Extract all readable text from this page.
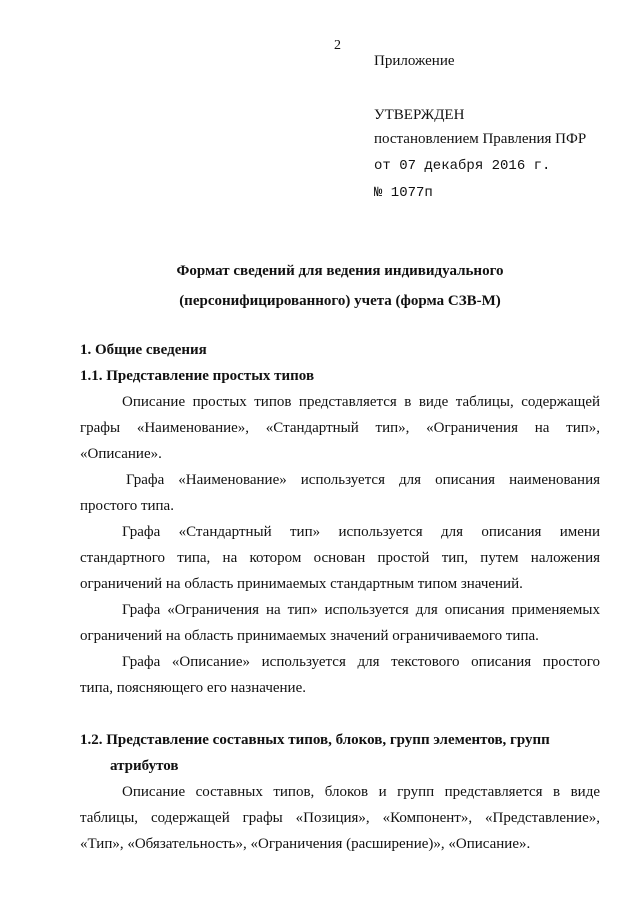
2
Приложение
УТВЕРЖДЕН
постановлением Правления ПФР
от 07 декабря 2016 г.
№ 1077п
Формат сведений для ведения индивидуального
(персонифицированного) учета (форма СЗВ-М)
1. Общие сведения
1.1. Представление простых типов
Описание простых типов представляется в виде таблицы, содержащей
графы «Наименование», «Стандартный тип», «Ограничения на тип»,
«Описание».
Графа «Наименование» используется для описания наименования
простого типа.
Графа «Стандартный тип» используется для описания имени
стандартного типа, на котором основан простой тип, путем наложения
ограничений на область принимаемых стандартным типом значений.
Графа «Ограничения на тип» используется для описания применяемых
ограничений на область принимаемых значений ограничиваемого типа.
Графа «Описание» используется для текстового описания простого
типа, поясняющего его назначение.
1.2. Представление составных типов, блоков, групп элементов, групп
атрибутов
Описание составных типов, блоков и групп представляется в виде
таблицы, содержащей графы «Позиция», «Компонент», «Представление»,
«Тип», «Обязательность», «Ограничения (расширение)», «Описание».
